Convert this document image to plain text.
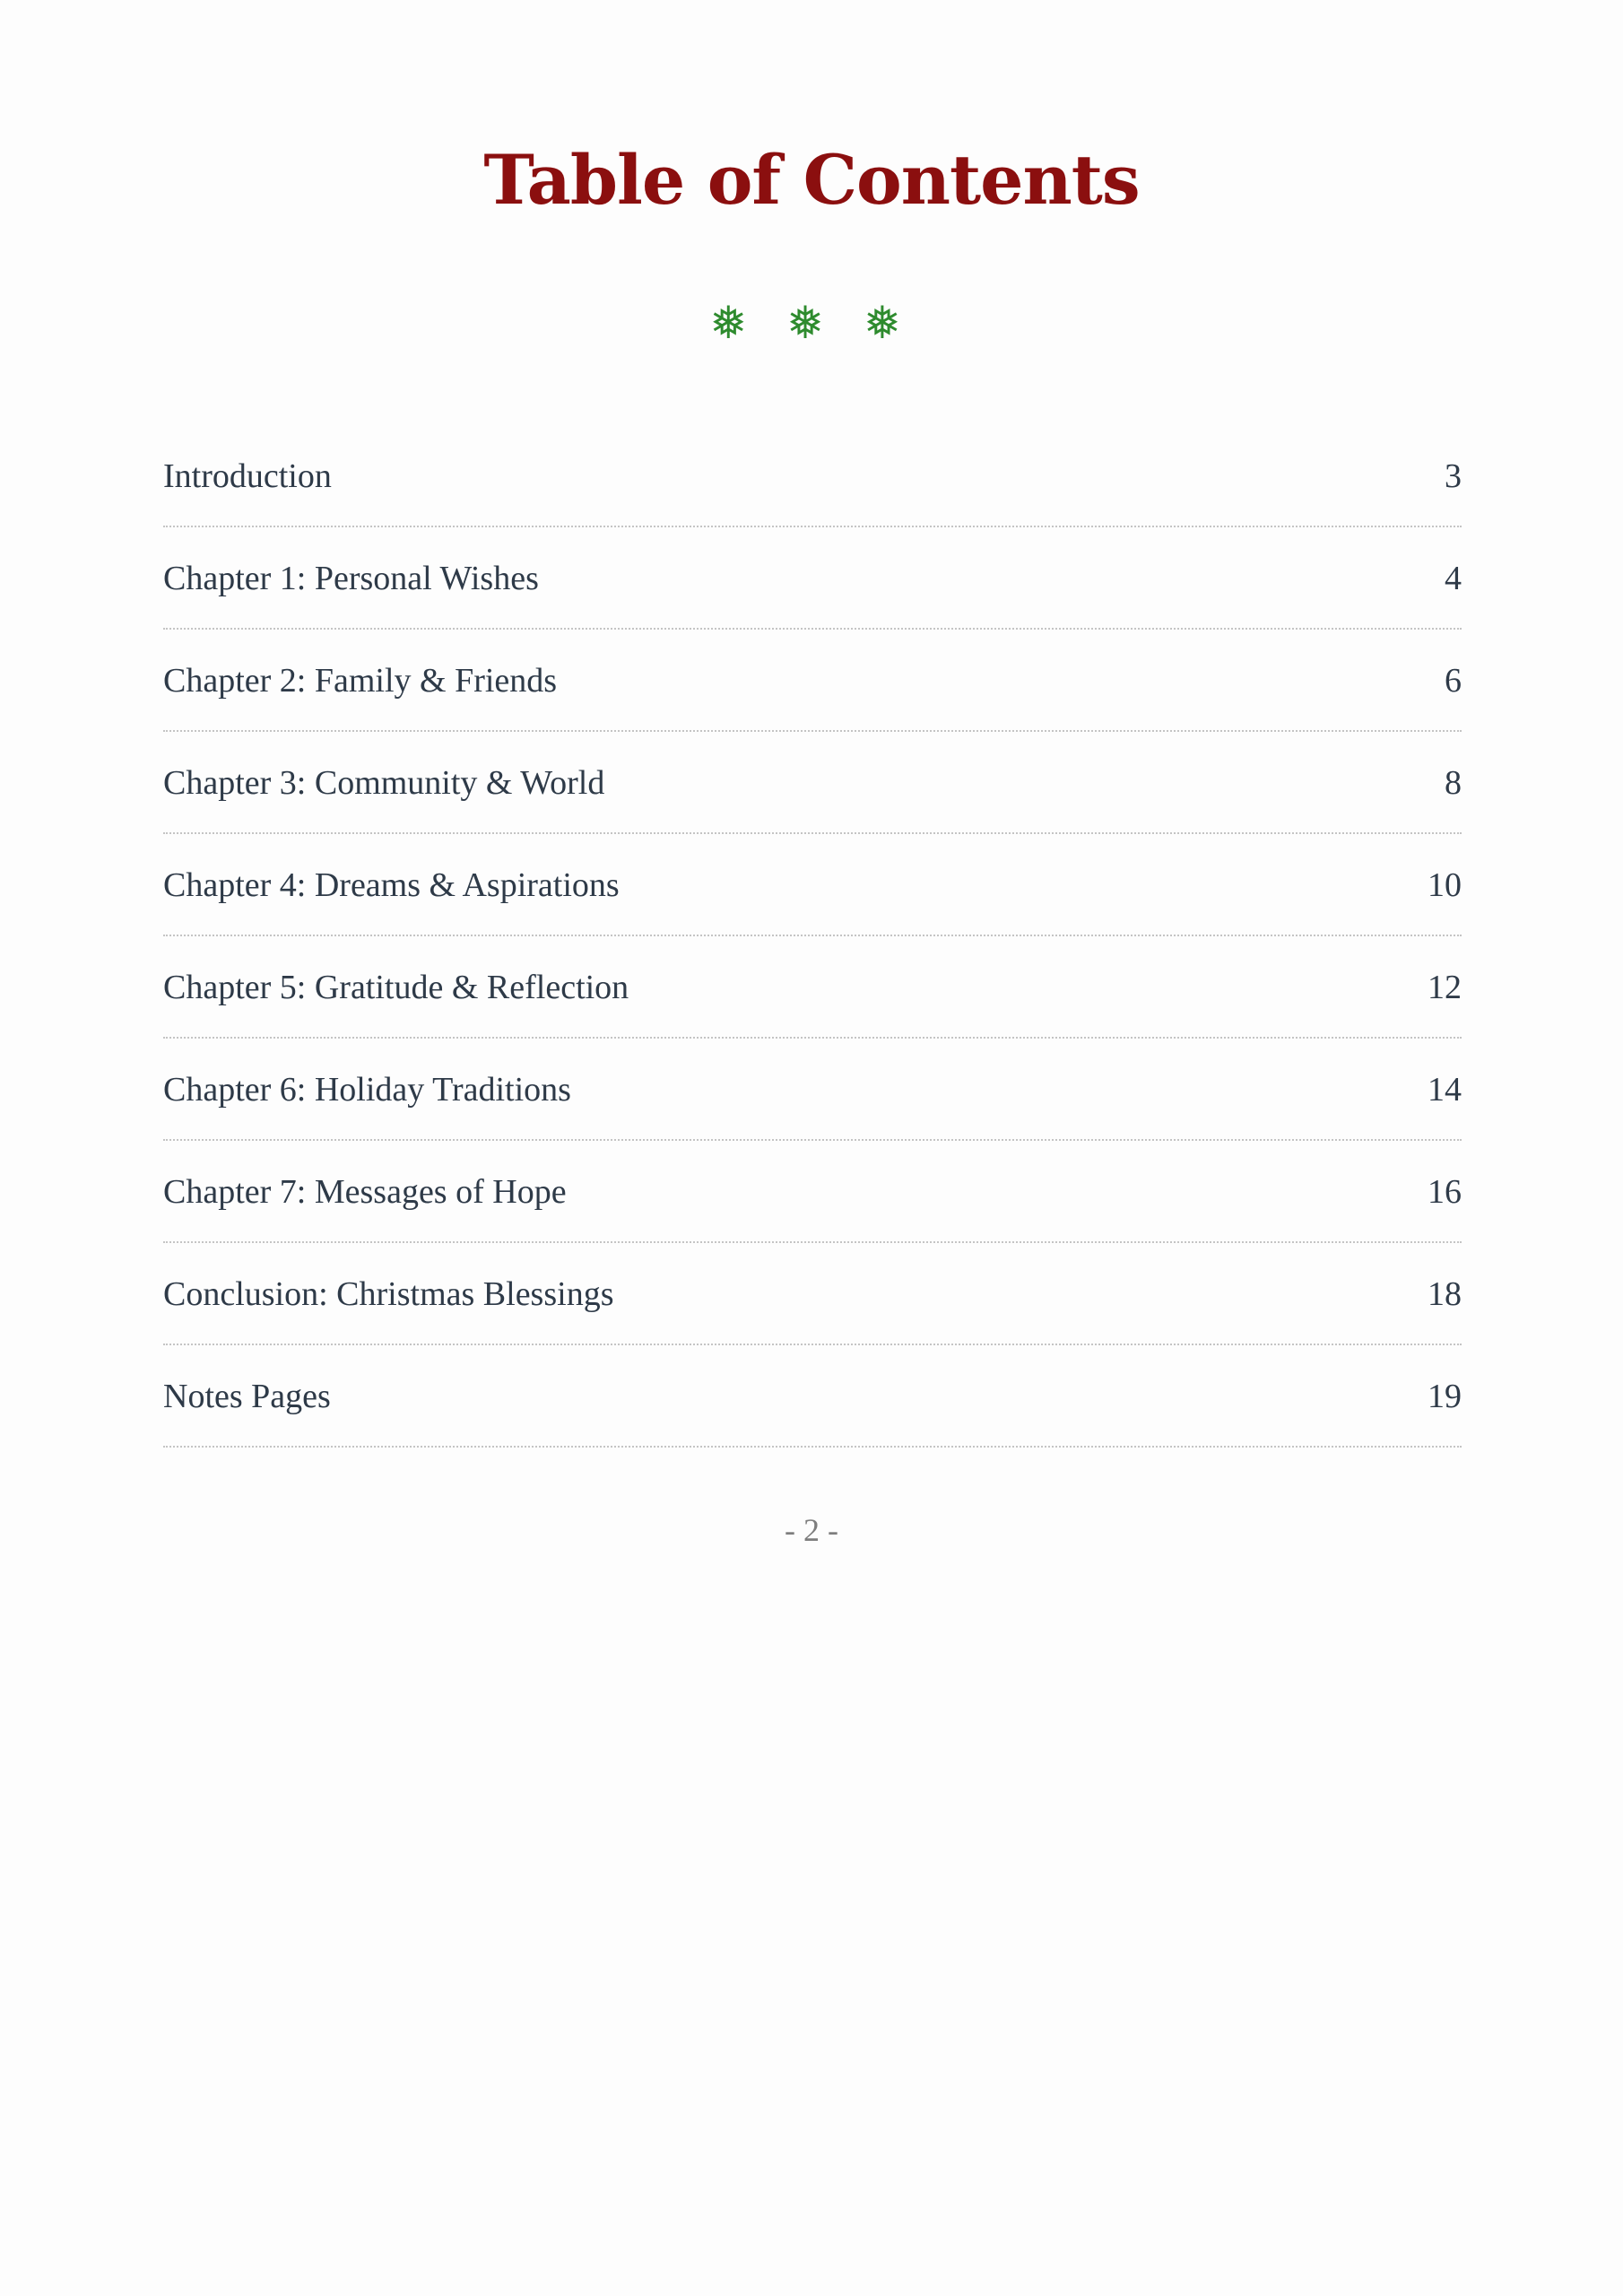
Table of Contents
❅ ❅ ❅
Introduction	3
Chapter 1: Personal Wishes	4
Chapter 2: Family & Friends	6
Chapter 3: Community & World	8
Chapter 4: Dreams & Aspirations	10
Chapter 5: Gratitude & Reflection	12
Chapter 6: Holiday Traditions	14
Chapter 7: Messages of Hope	16
Conclusion: Christmas Blessings	18
Notes Pages	19
- 2 -
